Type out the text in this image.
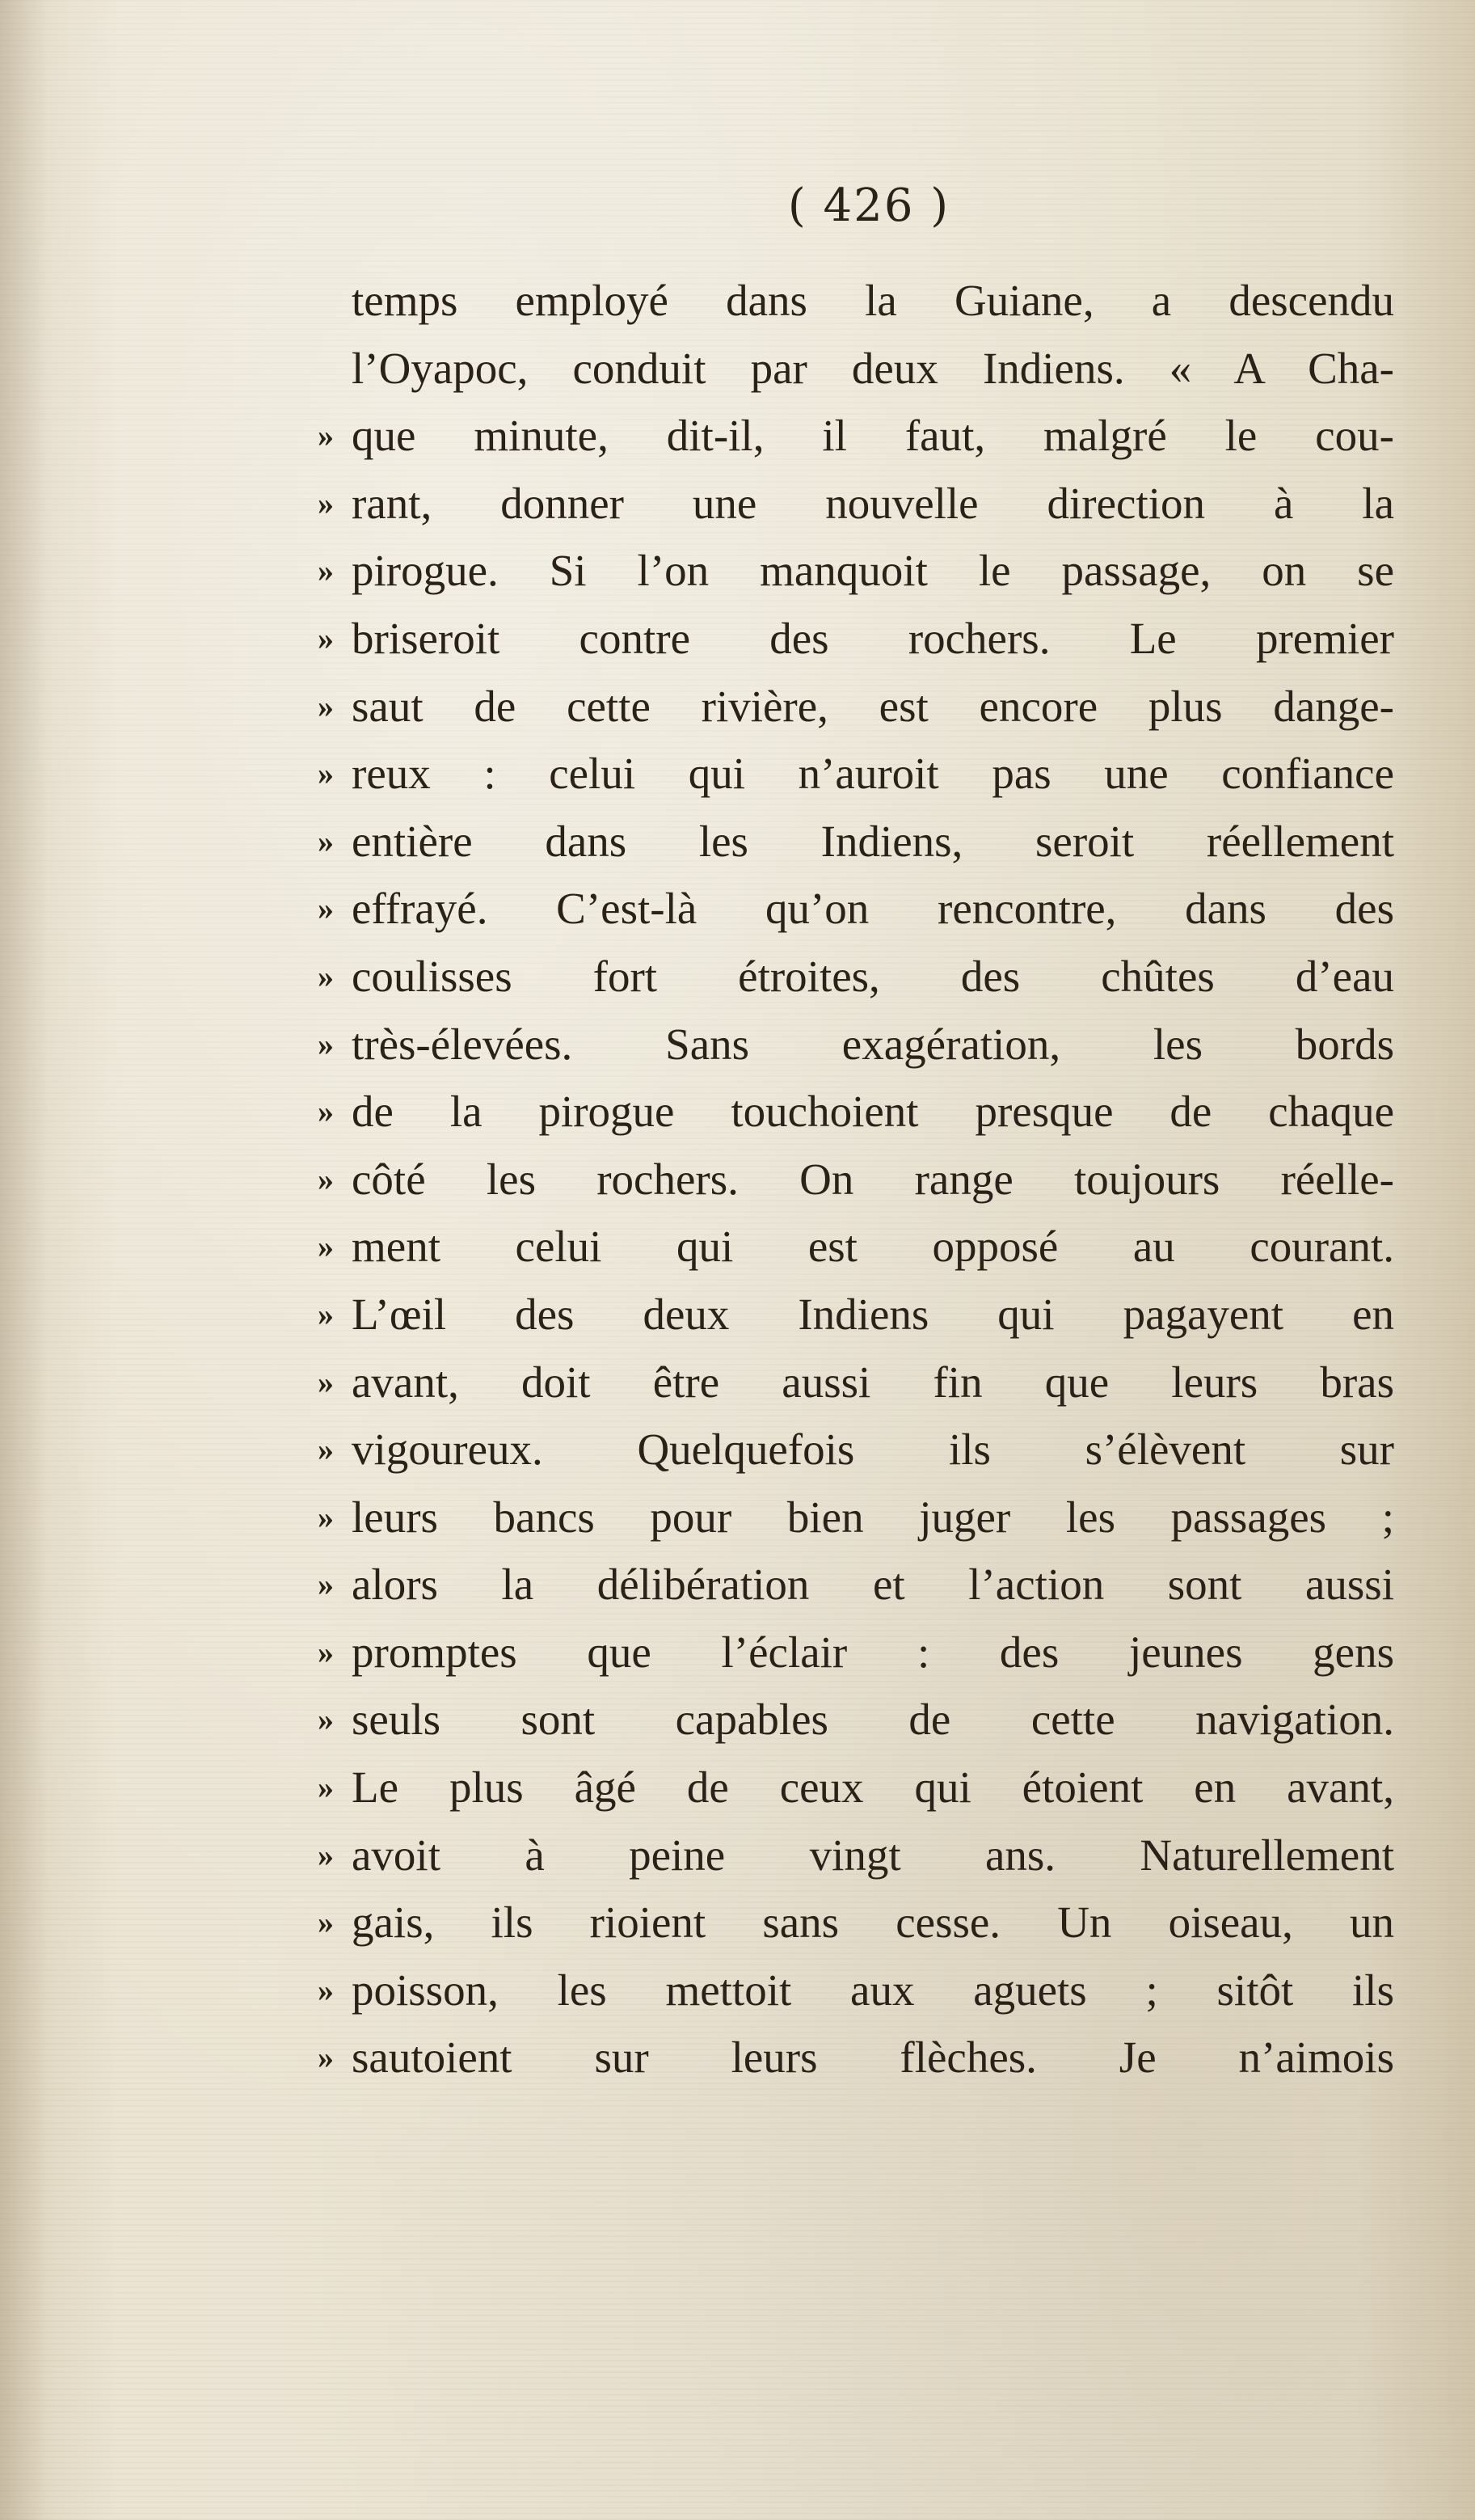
( 426 )
temps employé dans la Guiane, a descendu
l’Oyapoc, conduit par deux Indiens. « A Cha-
» que minute, dit-il, il faut, malgré le cou-
» rant, donner une nouvelle direction à la
» pirogue. Si l’on manquoit le passage, on se
» briseroit contre des rochers. Le premier
» saut de cette rivière, est encore plus dange-
» reux : celui qui n’auroit pas une confiance
» entière dans les Indiens, seroit réellement
» effrayé. C’est-là qu’on rencontre, dans des
» coulisses fort étroites, des chûtes d’eau
» très-élevées. Sans exagération, les bords
» de la pirogue touchoient presque de chaque
» côté les rochers. On range toujours réelle-
» ment celui qui est opposé au courant.
» L’œil des deux Indiens qui pagayent en
» avant, doit être aussi fin que leurs bras
» vigoureux. Quelquefois ils s’élèvent sur
» leurs bancs pour bien juger les passages ;
» alors la délibération et l’action sont aussi
» promptes que l’éclair : des jeunes gens
» seuls sont capables de cette navigation.
» Le plus âgé de ceux qui étoient en avant,
» avoit à peine vingt ans. Naturellement
» gais, ils rioient sans cesse. Un oiseau, un
» poisson, les mettoit aux aguets ; sitôt ils
» sautoient sur leurs flèches. Je n’aimois
